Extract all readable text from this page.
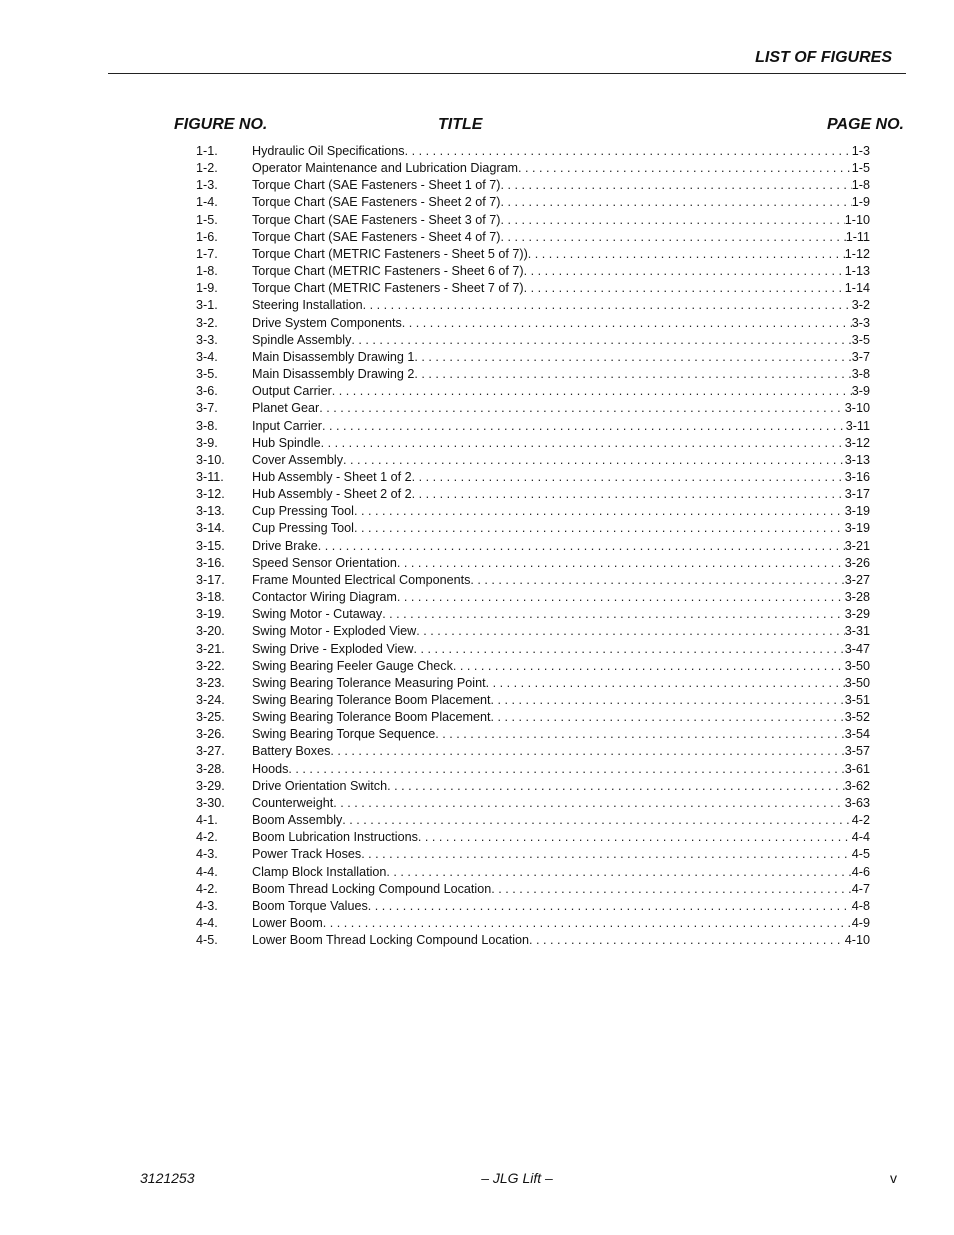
LIST OF FIGURES
FIGURE NO.	TITLE	PAGE NO.
1-1.	Hydraulic Oil Specifications . . .	1-3
1-2.	Operator Maintenance and Lubrication Diagram . . .	1-5
1-3.	Torque Chart (SAE Fasteners - Sheet 1 of 7) . . .	1-8
1-4.	Torque Chart (SAE Fasteners - Sheet 2 of 7) . . .	1-9
1-5.	Torque Chart (SAE Fasteners - Sheet 3 of 7) . . .	1-10
1-6.	Torque Chart (SAE Fasteners - Sheet 4 of 7) . . .	1-11
1-7.	Torque Chart (METRIC Fasteners - Sheet 5 of 7)) . . .	1-12
1-8.	Torque Chart (METRIC Fasteners - Sheet 6 of 7) . . .	1-13
1-9.	Torque Chart (METRIC Fasteners - Sheet 7 of 7) . . .	1-14
3-1.	Steering Installation . . .	3-2
3-2.	Drive System Components . . .	3-3
3-3.	Spindle Assembly . . .	3-5
3-4.	Main Disassembly Drawing 1 . . .	3-7
3-5.	Main Disassembly Drawing 2 . . .	3-8
3-6.	Output Carrier . . .	3-9
3-7.	Planet Gear . . .	3-10
3-8.	Input Carrier . . .	3-11
3-9.	Hub Spindle . . .	3-12
3-10.	Cover Assembly . . .	3-13
3-11.	Hub Assembly - Sheet 1 of 2 . . .	3-16
3-12.	Hub Assembly - Sheet 2 of 2 . . .	3-17
3-13.	Cup Pressing Tool . . .	3-19
3-14.	Cup Pressing Tool . . .	3-19
3-15.	Drive Brake . . .	3-21
3-16.	Speed Sensor Orientation . . .	3-26
3-17.	Frame Mounted Electrical Components . . .	3-27
3-18.	Contactor Wiring Diagram . . .	3-28
3-19.	Swing Motor - Cutaway . . .	3-29
3-20.	Swing Motor - Exploded View . . .	3-31
3-21.	Swing Drive - Exploded View . . .	3-47
3-22.	Swing Bearing Feeler Gauge Check . . .	3-50
3-23.	Swing Bearing Tolerance Measuring Point . . .	3-50
3-24.	Swing Bearing Tolerance Boom Placement . . .	3-51
3-25.	Swing Bearing Tolerance Boom Placement . . .	3-52
3-26.	Swing Bearing Torque Sequence . . .	3-54
3-27.	Battery Boxes . . .	3-57
3-28.	Hoods . . .	3-61
3-29.	Drive Orientation Switch . . .	3-62
3-30.	Counterweight . . .	3-63
4-1.	Boom Assembly . . .	4-2
4-2.	Boom Lubrication Instructions . . .	4-4
4-3.	Power Track Hoses . . .	4-5
4-4.	Clamp Block Installation . . .	4-6
4-2.	Boom Thread Locking Compound Location . . .	4-7
4-3.	Boom Torque Values . . .	4-8
4-4.	Lower Boom . . .	4-9
4-5.	Lower Boom Thread Locking Compound Location . . .	4-10
3121253	– JLG Lift –	v
